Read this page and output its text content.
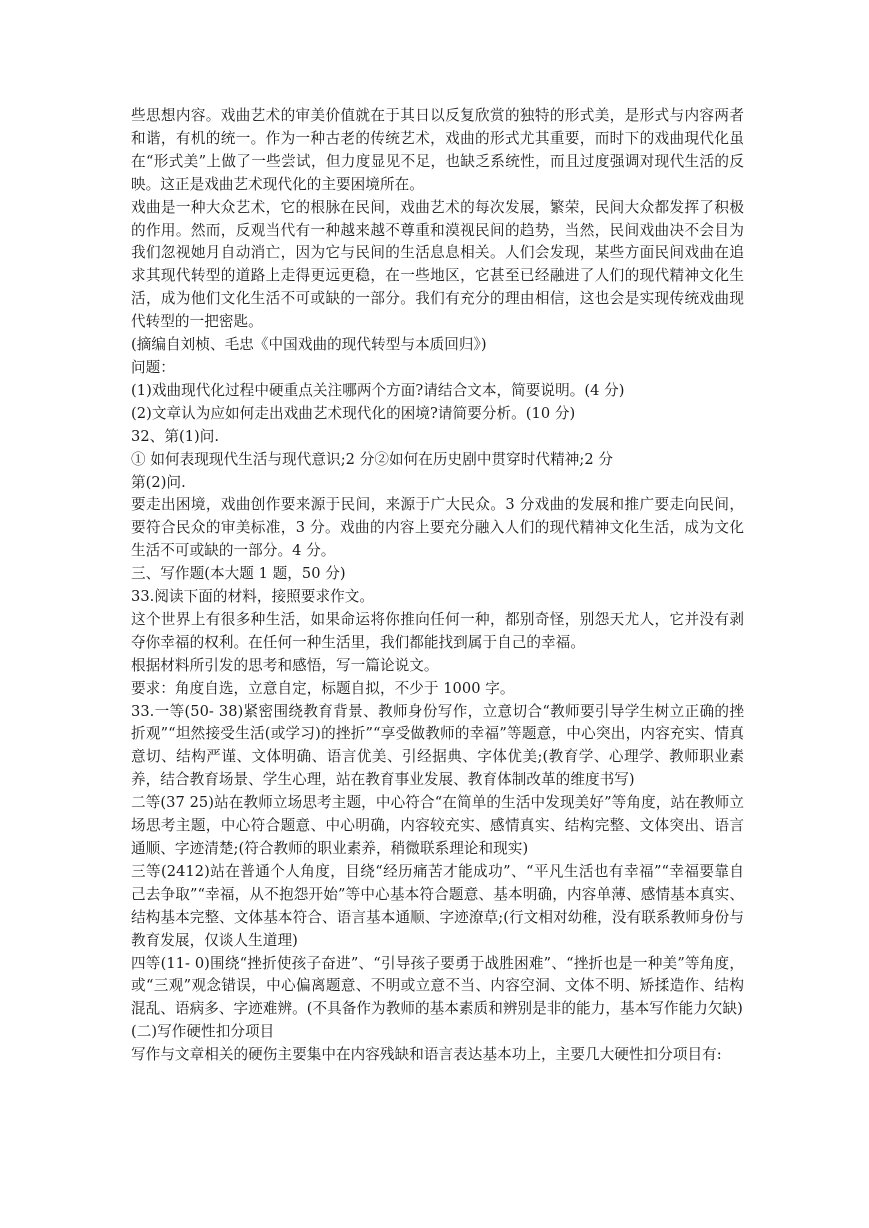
些思想内容。戏曲艺术的审美价值就在于其日以反复欣赏的独特的形式美，是形式与内容两者和谐，有机的统一。作为一种古老的传统艺术，戏曲的形式尤其重要，而时下的戏曲現代化虽在“形式美”上做了一些尝试，但力度显见不足，也缺乏系统性，而且过度强调对现代生活的反映。这正是戏曲艺术现代化的主要困境所在。

戏曲是一种大众艺术，它的根脉在民间，戏曲艺术的每次发展，繁荣，民间大众都发挥了积极的作用。然而，反观当代有一种越来越不尊重和漠视民间的趋势，当然，民间戏曲决不会目为我们忽视她月自动消亡，因为它与民间的生活息息相关。人们会发现，某些方面民间戏曲在追求其现代转型的道路上走得更远更稳，在一些地区，它甚至已经融进了人们的现代精神文化生活，成为他们文化生活不可或缺的一部分。我们有充分的理由相信，这也会是实现传统戏曲现代转型的一把密匙。

(摘编自刘桢、毛忠《中国戏曲的现代转型与本质回归》)

问题：

(1)戏曲现代化过程中硬重点关注哪两个方面?请结合文本，简要说明。(4 分)

(2)文章认为应如何走出戏曲艺术现代化的困境?请简要分析。(10 分)

32、第(1)问.

① 如何表现现代生活与现代意识;2 分②如何在历史剧中贯穿时代精神;2 分

第(2)问.

要走出困境，戏曲创作要来源于民间，来源于广大民众。3 分戏曲的发展和推广要走向民间，要符合民众的审美标准，3 分。戏曲的内容上要充分融入人们的现代精神文化生活，成为文化生活不可或缺的一部分。4 分。

三、写作题(本大题 1 题，50 分)

33.阅读下面的材料，接照要求作文。

这个世界上有很多种生活，如果命运将你推向任何一种，都别奇怪，别怨天尤人，它并没有剥夺你幸福的权利。在任何一种生活里，我们都能找到属于自己的幸福。

根据材料所引发的思考和感悟，写一篇论说文。

要求：角度自选，立意自定，标题自拟，不少于 1000 字。

33.一等(50- 38)紧密围绕教育背景、教师身份写作，立意切合“教师要引导学生树立正确的挫折观”“坦然接受生活(或学习)的挫折”“享受做教师的幸福”等题意，中心突出，内容充实、情真意切、结构严谨、文体明确、语言优美、引经据典、字体优美;(教育学、心理学、教师职业素养，结合教育场景、学生心理，站在教育事业发展、教育体制改革的维度书写)

二等(37 25)站在教师立场思考主题，中心符合“在简单的生活中发现美好”等角度，站在教师立场思考主题，中心符合题意、中心明确，内容较充实、感情真实、结构完整、文体突出、语言通顺、字迹清楚;(符合教师的职业素养，稍微联系理论和现实)

三等(2412)站在普通个人角度，目绕“经历痛苦才能成功”、“平凡生活也有幸福”“幸福要靠自己去争取”“幸福，从不抱怨开始”等中心基本符合题意、基本明确，内容单薄、感情基本真实、结构基本完整、文体基本符合、语言基本通顺、字迹潦草;(行文相对幼稚，没有联系教师身份与教育发展，仅谈人生道理)

四等(11- 0)围绕“挫折使孩子奋进”、“引导孩子要勇于战胜困难”、“挫折也是一种美”等角度，或“三观”观念错误，中心偏离题意、不明或立意不当、内容空洞、文体不明、矫揉造作、结构混乱、语病多、字迹难辨。(不具备作为教师的基本素质和辨别是非的能力，基本写作能力欠缺)

(二)写作硬性扣分项目

写作与文章相关的硬伤主要集中在内容残缺和语言表达基本功上，主要几大硬性扣分项目有:
